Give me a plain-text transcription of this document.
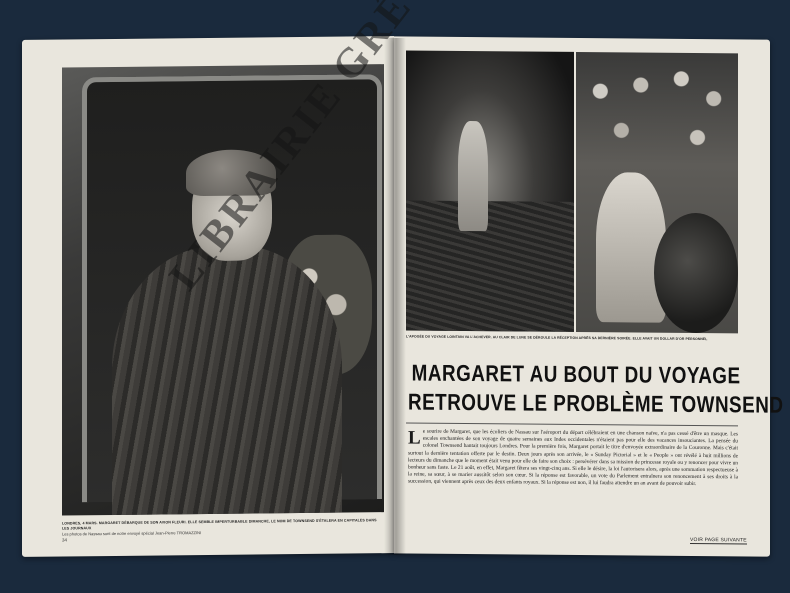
LONDRES, 4 MARS. MARGARET DÉBARQUE DE SON AVION FLEURI. ELLE SEMBLE IMPERTURBABLE DIMANCHE, LE NOM DE TOWNSEND S'ÉTALERA EN CAPITALES DANS LES JOURNAUX
Les photos de Nassau sont de notre envoyé spécial Jean-Pierre TROMAZZINI
34
L'APOGÉE DU VOYAGE LOINTAIN VA L'ACHEVER. AU CLAIR DE LUNE SE DÉROULE LA RÉCEPTION APRÈS SA DERNIÈRE SOIRÉE. ELLE AVAIT UN DOLLAR D'OR PERSONNEL
MARGARET AU BOUT DU VOYAGE
RETROUVE LE PROBLÈME TOWNSEND
Le sourire de Margaret, que les écoliers de Nassau sur l'aéroport du départ célébraient en une chanson naïve, n'a pas cessé d'être un masque. Les escales enchantées de son voyage de quatre semaines aux Indes occidentales n'étaient pas pour elle des vacances insouciantes. La pensée du colonel Townsend hantait toujours Londres. Pour la première fois, Margaret portait le titre d'envoyée extraordinaire de la Couronne. Mais c'était surtout la dernière tentation offerte par le destin. Deux jours après son arrivée, le « Sunday Pictorial » et le « People » ont révélé à huit millions de lecteurs du dimanche que le moment était venu pour elle de faire son choix : persévérer dans sa mission de princesse royale ou y renoncer pour vivre un bonheur sans faste. Le 21 août, en effet, Margaret fêtera ses vingt-cinq ans. Si elle le désire, la loi l'autorisera alors, après une sommation respectueuse à la reine, sa sœur, à se marier aussitôt selon son cœur. Si la réponse est favorable, un vote du Parlement entraînera son renoncement à ses droits à la succession, qui viennent après ceux des deux enfants royaux. Si la réponse est non, il lui faudra attendre un an avant de pouvoir subir.
VOIR PAGE SUIVANTE
LIBRAIRIE
